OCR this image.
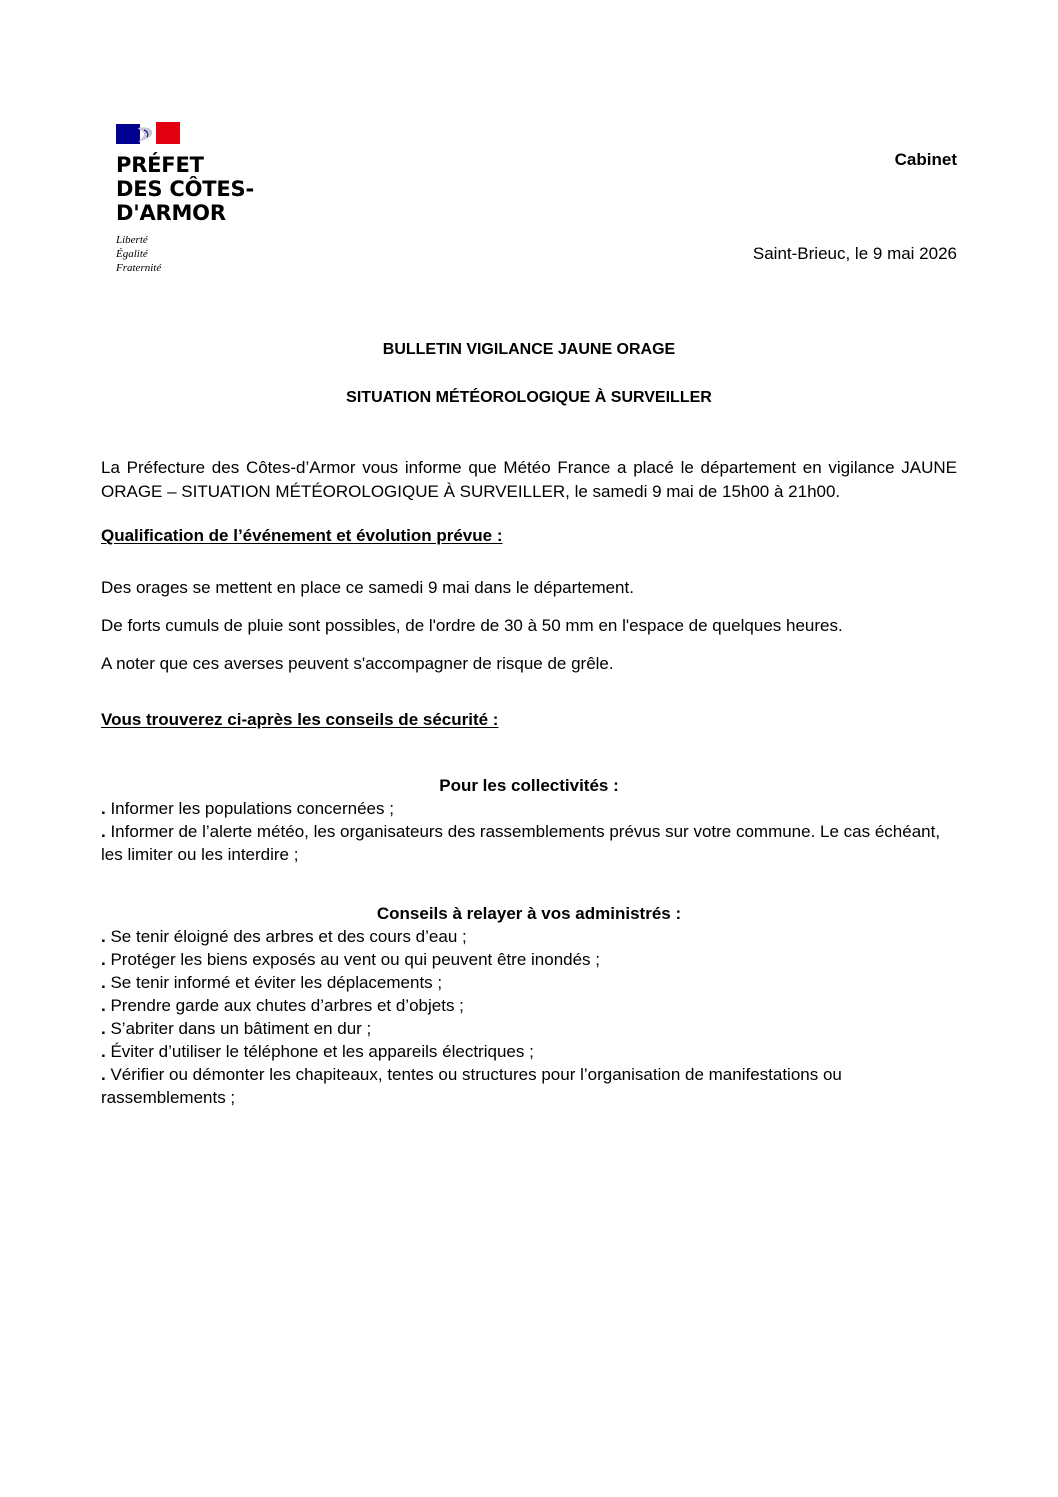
PRÉFET
DES CÔTES-
D'ARMOR
Liberté
Égalité
Fraternité
Cabinet
Saint-Brieuc, le 9 mai 2026
BULLETIN VIGILANCE JAUNE ORAGE
SITUATION MÉTÉOROLOGIQUE À SURVEILLER

La Préfecture des Côtes-d’Armor vous informe que Météo France a placé le département en vigilance JAUNE ORAGE – SITUATION MÉTÉOROLOGIQUE À SURVEILLER, le samedi 9 mai de 15h00 à 21h00.

Qualification de l’événement et évolution prévue :

Des orages se mettent en place ce samedi 9 mai dans le département.

De forts cumuls de pluie sont possibles, de l'ordre de 30 à 50 mm en l'espace de quelques heures.

A noter que ces averses peuvent s'accompagner de risque de grêle.

Vous trouverez ci-après les conseils de sécurité :

Pour les collectivités :

. Informer les populations concernées ;
. Informer de l’alerte météo, les organisateurs des rassemblements prévus sur votre commune. Le cas échéant, les limiter ou les interdire ;

Conseils à relayer à vos administrés :

. Se tenir éloigné des arbres et des cours d’eau ;
. Protéger les biens exposés au vent ou qui peuvent être inondés ;
. Se tenir informé et éviter les déplacements ;
. Prendre garde aux chutes d’arbres et d’objets ;
. S’abriter dans un bâtiment en dur ;
. Éviter d’utiliser le téléphone et les appareils électriques ;
. Vérifier ou démonter les chapiteaux, tentes ou structures pour l’organisation de manifestations ou rassemblements ;
